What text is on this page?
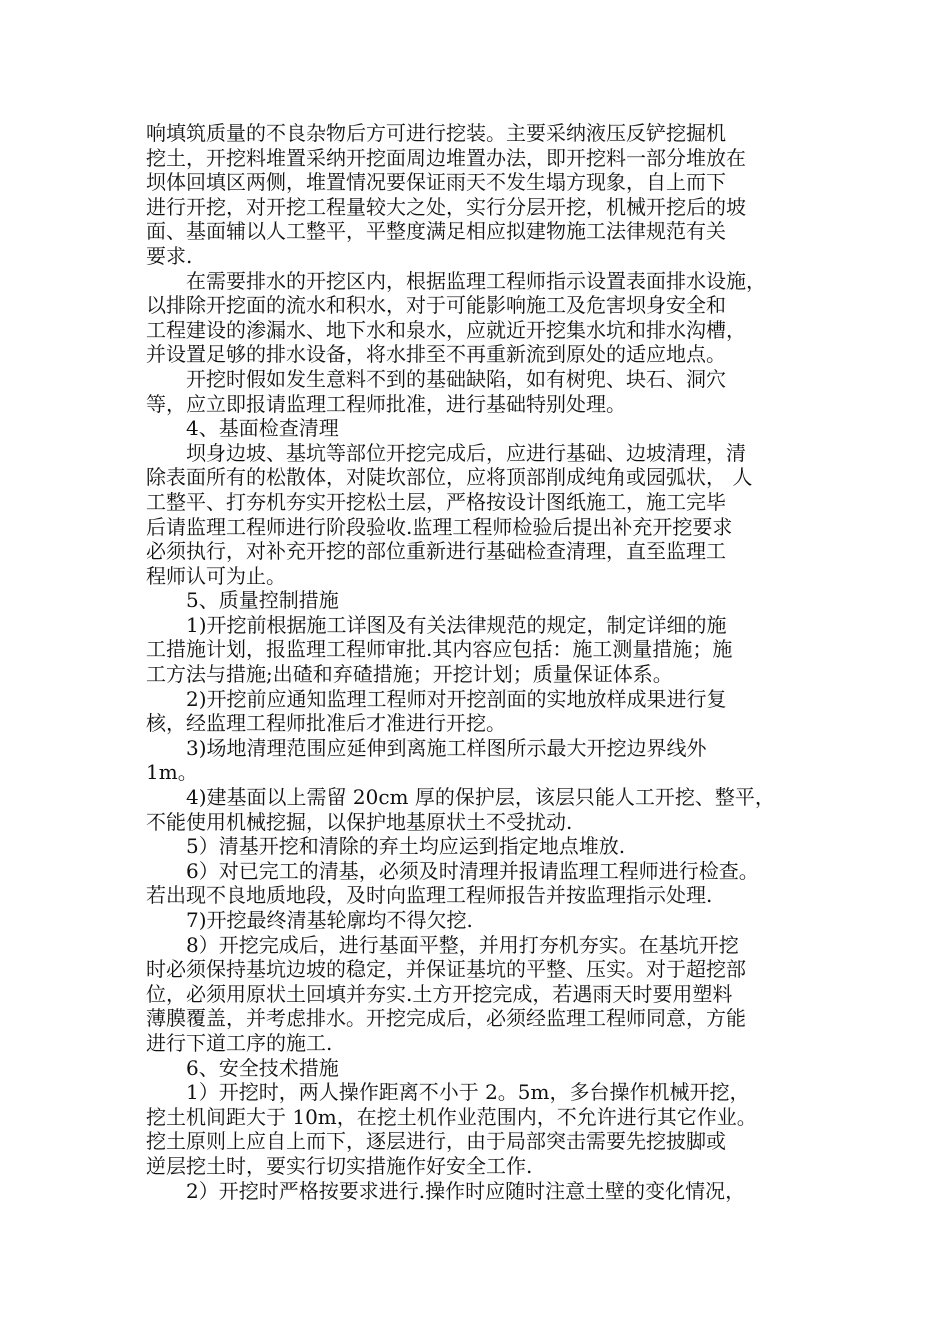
响填筑质量的不良杂物后方可进行挖装。主要采纳液压反铲挖掘机
挖土，开挖料堆置采纳开挖面周边堆置办法，即开挖料一部分堆放在
坝体回填区两侧，堆置情况要保证雨天不发生塌方现象，自上而下
进行开挖，对开挖工程量较大之处，实行分层开挖，机械开挖后的坡
面、基面辅以人工整平，平整度满足相应拟建物施工法律规范有关
要求.
在需要排水的开挖区内，根据监理工程师指示设置表面排水设施，
以排除开挖面的流水和积水，对于可能影响施工及危害坝身安全和
工程建设的渗漏水、地下水和泉水，应就近开挖集水坑和排水沟槽，
并设置足够的排水设备，将水排至不再重新流到原处的适应地点。
开挖时假如发生意料不到的基础缺陷，如有树兜、块石、洞穴
等，应立即报请监理工程师批准，进行基础特别处理。
4、基面检查清理
坝身边坡、基坑等部位开挖完成后，应进行基础、边坡清理，清
除表面所有的松散体，对陡坎部位，应将顶部削成纯角或园弧状， 人
工整平、打夯机夯实开挖松土层，严格按设计图纸施工，施工完毕
后请监理工程师进行阶段验收.监理工程师检验后提出补充开挖要求
必须执行，对补充开挖的部位重新进行基础检查清理，直至监理工
程师认可为止。
5、质量控制措施
1)开挖前根据施工详图及有关法律规范的规定，制定详细的施
工措施计划，报监理工程师审批.其内容应包括：施工测量措施；施
工方法与措施;出碴和弃碴措施；开挖计划；质量保证体系。
2)开挖前应通知监理工程师对开挖剖面的实地放样成果进行复
核，经监理工程师批准后才准进行开挖。
3)场地清理范围应延伸到离施工样图所示最大开挖边界线外
1m。
4)建基面以上需留 20cm 厚的保护层，该层只能人工开挖、整平，
不能使用机械挖掘，以保护地基原状土不受扰动.
5）清基开挖和清除的弃土均应运到指定地点堆放.
6）对已完工的清基，必须及时清理并报请监理工程师进行检查。
若出现不良地质地段，及时向监理工程师报告并按监理指示处理.
7)开挖最终清基轮廓均不得欠挖.
8）开挖完成后，进行基面平整，并用打夯机夯实。在基坑开挖
时必须保持基坑边坡的稳定，并保证基坑的平整、压实。对于超挖部
位，必须用原状土回填并夯实.土方开挖完成，若遇雨天时要用塑料
薄膜覆盖，并考虑排水。开挖完成后，必须经监理工程师同意，方能
进行下道工序的施工.
6、安全技术措施
1）开挖时，两人操作距离不小于 2。5m，多台操作机械开挖，
挖土机间距大于 10m，在挖土机作业范围内，不允许进行其它作业。
挖土原则上应自上而下，逐层进行，由于局部突击需要先挖披脚或
逆层挖土时，要实行切实措施作好安全工作.
2）开挖时严格按要求进行.操作时应随时注意土壁的变化情况，
